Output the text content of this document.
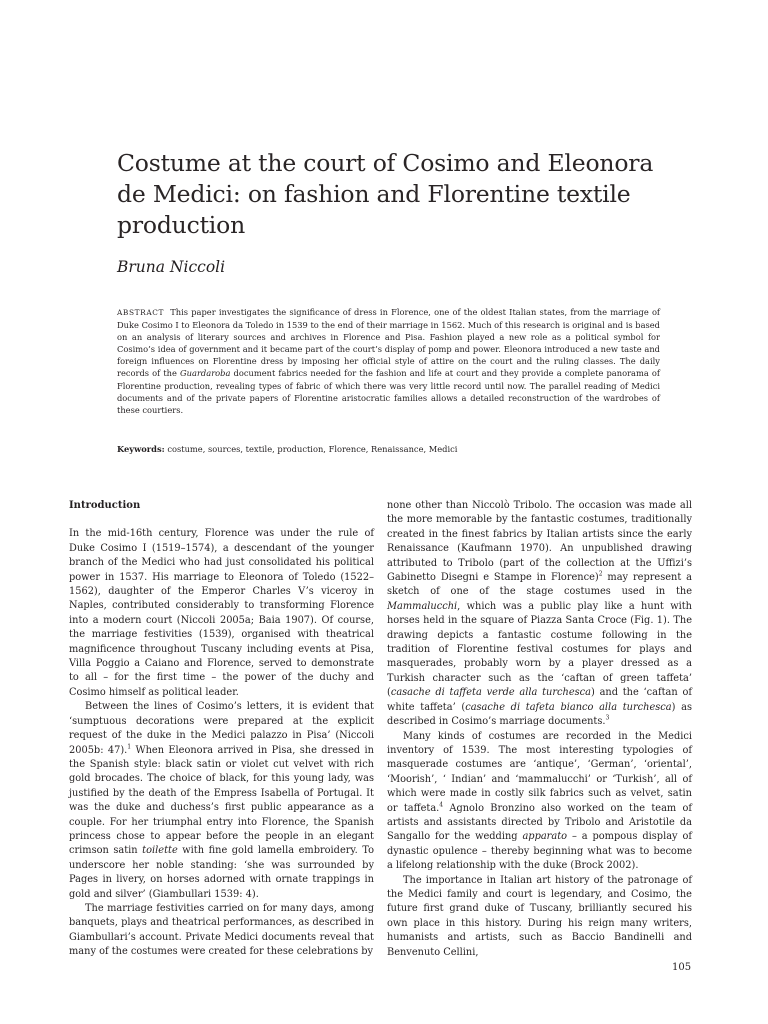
Costume at the court of Cosimo and Eleonora de Medici: on fashion and Florentine textile production

Bruna Niccoli

ABSTRACT This paper investigates the significance of dress in Florence, one of the oldest Italian states, from the marriage of Duke Cosimo I to Eleonora da Toledo in 1539 to the end of their marriage in 1562. Much of this research is original and is based on an analysis of literary sources and archives in Florence and Pisa. Fashion played a new role as a political symbol for Cosimo’s idea of government and it became part of the court’s display of pomp and power. Eleonora introduced a new taste and foreign influences on Florentine dress by imposing her official style of attire on the court and the ruling classes. The daily records of the Guardaroba document fabrics needed for the fashion and life at court and they provide a complete panorama of Florentine production, revealing types of fabric of which there was very little record until now. The parallel reading of Medici documents and of the private papers of Florentine aristocratic families allows a detailed reconstruction of the wardrobes of these courtiers.

Keywords: costume, sources, textile, production, Florence, Renaissance, Medici

Introduction

In the mid-16th century, Florence was under the rule of Duke Cosimo I (1519–1574), a descendant of the younger branch of the Medici who had just consolidated his political power in 1537. His marriage to Eleonora of Toledo (1522–1562), daughter of the Emperor Charles V’s viceroy in Naples, contributed considerably to transforming Florence into a modern court (Niccoli 2005a; Baia 1907). Of course, the marriage festivities (1539), organised with theatrical magnificence throughout Tuscany including events at Pisa, Villa Poggio a Caiano and Florence, served to demonstrate to all – for the first time – the power of the duchy and Cosimo himself as political leader.

Between the lines of Cosimo’s letters, it is evident that ‘sumptuous decorations were prepared at the explicit request of the duke in the Medici palazzo in Pisa’ (Niccoli 2005b: 47).$^1$ When Eleonora arrived in Pisa, she dressed in the Spanish style: black satin or violet cut velvet with rich gold brocades. The choice of black, for this young lady, was justified by the death of the Empress Isabella of Portugal. It was the duke and duchess’s first public appearance as a couple. For her triumphal entry into Florence, the Spanish princess chose to appear before the people in an elegant crimson satin toilette with fine gold lamella embroidery. To underscore her noble standing: ‘she was surrounded by Pages in livery, on horses adorned with ornate trappings in gold and silver’ (Giambullari 1539: 4).

The marriage festivities carried on for many days, among banquets, plays and theatrical performances, as described in Giambullari’s account. Private Medici documents reveal that many of the costumes were created for these celebrations by

none other than Niccolò Tribolo. The occasion was made all the more memorable by the fantastic costumes, traditionally created in the finest fabrics by Italian artists since the early Renaissance (Kaufmann 1970). An unpublished drawing attributed to Tribolo (part of the collection at the Uffizi’s Gabinetto Disegni e Stampe in Florence)$^2$ may represent a sketch of one of the stage costumes used in the Mammalucchi, which was a public play like a hunt with horses held in the square of Piazza Santa Croce (Fig. 1). The drawing depicts a fantastic costume following in the tradition of Florentine festival costumes for plays and masquerades, probably worn by a player dressed as a Turkish character such as the ‘caftan of green taffeta’ (casache di taffeta verde alla turchesca) and the ‘caftan of white taffeta’ (casache di tafeta bianco alla turchesca) as described in Cosimo’s marriage documents.$^3$

Many kinds of costumes are recorded in the Medici inventory of 1539. The most interesting typologies of masquerade costumes are ‘antique’, ‘German’, ‘oriental’, ‘Moorish’, ‘ Indian’ and ‘mammalucchi’ or ‘Turkish’, all of which were made in costly silk fabrics such as velvet, satin or taffeta.$^4$ Agnolo Bronzino also worked on the team of artists and assistants directed by Tribolo and Aristotile da Sangallo for the wedding apparato – a pompous display of dynastic opulence – thereby beginning what was to become a lifelong relationship with the duke (Brock 2002).

The importance in Italian art history of the patronage of the Medici family and court is legendary, and Cosimo, the future first grand duke of Tuscany, brilliantly secured his own place in this history. During his reign many writers, humanists and artists, such as Baccio Bandinelli and Benvenuto Cellini,

105
